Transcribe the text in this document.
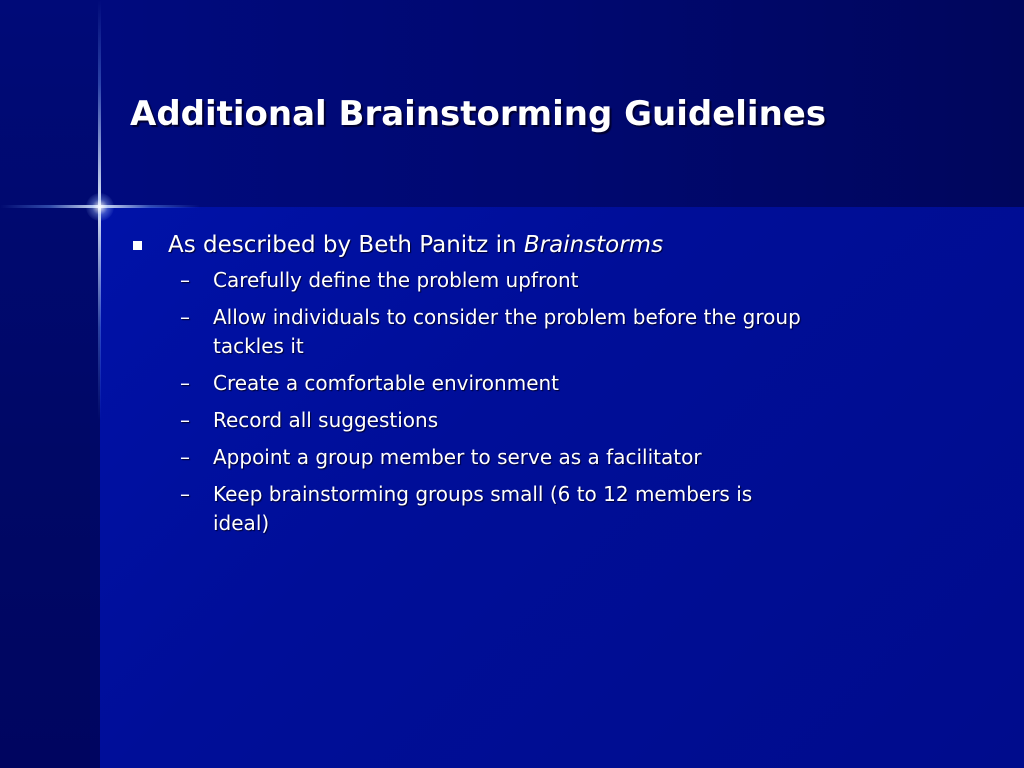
Additional Brainstorming Guidelines
As described by Beth Panitz in Brainstorms
– Carefully define the problem upfront
– Allow individuals to consider the problem before the group tackles it
– Create a comfortable environment
– Record all suggestions
– Appoint a group member to serve as a facilitator
– Keep brainstorming groups small (6 to 12 members is ideal)
